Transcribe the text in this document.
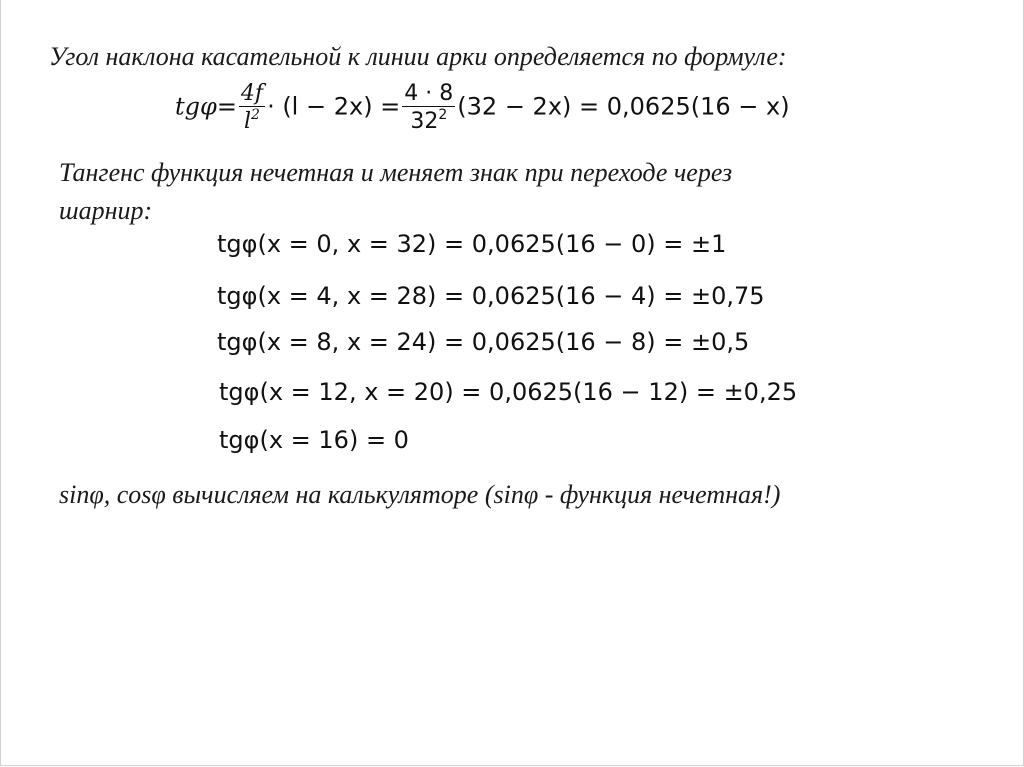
Угол наклона касательной к линии арки определяется по формуле:
$tg\varphi= \frac{4f}{l^2} \cdot (l - 2x) = \frac{4 \cdot 8}{32^2} (32 - 2x) = 0,0625(16 - x)$
Тангенс функция нечетная и меняет знак при переходе через
шарнир:
tgφ(x = 0, x = 32) = 0,0625(16 − 0) = ±1
tgφ(x = 4, x = 28) = 0,0625(16 − 4) = ±0,75
tgφ(x = 8, x = 24) = 0,0625(16 − 8) = ±0,5
tgφ(x = 12, x = 20) = 0,0625(16 − 12) = ±0,25
tgφ(x = 16) = 0
sinφ, cosφ вычисляем на калькуляторе (sinφ - функция нечетная!)
